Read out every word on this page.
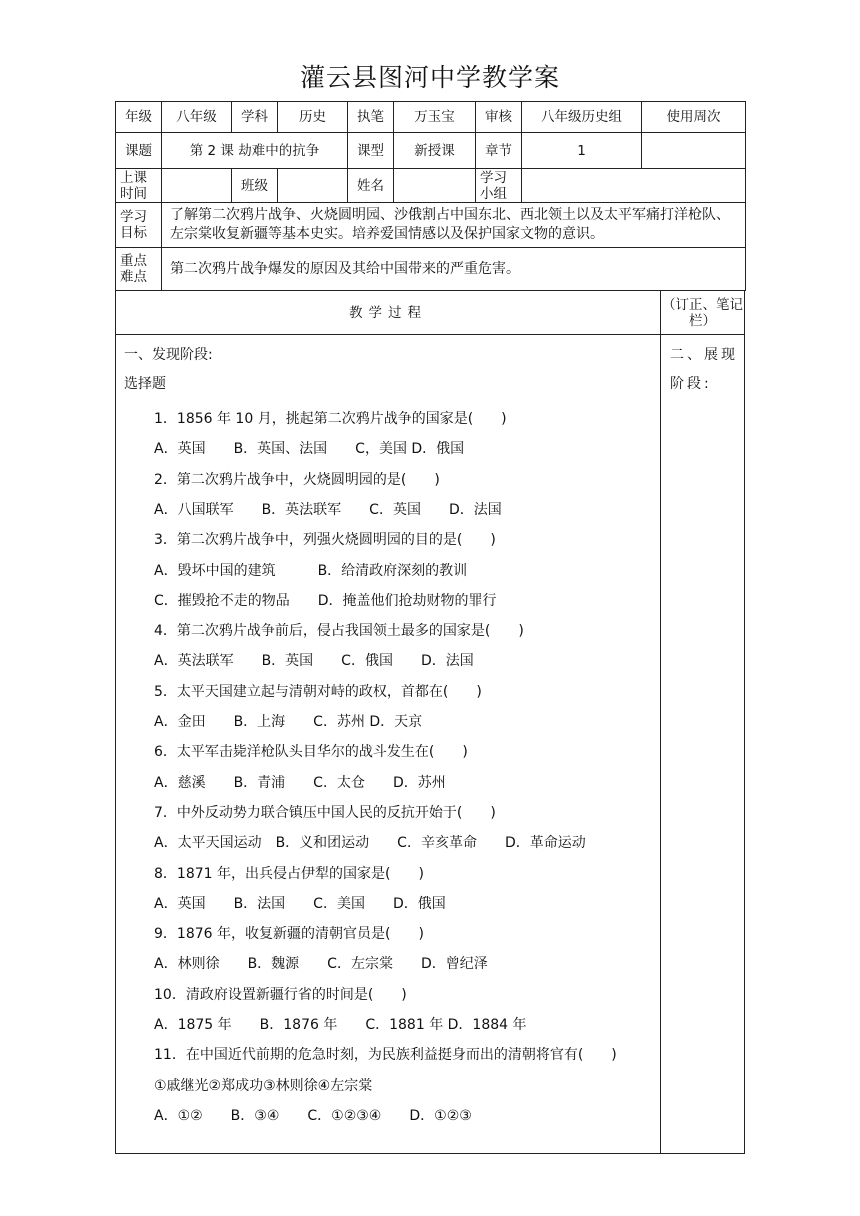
灌云县图河中学教学案
年级	八年级	学科	历史	执笔	万玉宝	审核	八年级历史组	使用周次
课题	第 2 课 劫难中的抗争			课型	新授课	章节	1	
上课时间		班级		姓名		学习小组		
学习目标	了解第二次鸦片战争、火烧圆明园、沙俄割占中国东北、西北领土以及太平军痛打洋枪队、左宗棠收复新疆等基本史实。培养爱国情感以及保护国家文物的意识。							
重点难点	第二次鸦片战争爆发的原因及其给中国带来的严重危害。							
教学过程	（订正、笔记栏）
一、发现阶段:
选择题
1．1856 年 10 月，挑起第二次鸦片战争的国家是(　　)
A．英国　　B．英国、法国　　C，美国 D．俄国
2．第二次鸦片战争中，火烧圆明园的是(　　)
A．八国联军　　B．英法联军　　C．英国　　D．法国
3．第二次鸦片战争中，列强火烧圆明园的目的是(　　)
A．毁坏中国的建筑　　　B．给清政府深刻的教训
C．摧毁抢不走的物品　　D．掩盖他们抢劫财物的罪行
4．第二次鸦片战争前后，侵占我国领土最多的国家是(　　)
A．英法联军　　B．英国　　C．俄国　　D．法国
5．太平天国建立起与清朝对峙的政权，首都在(　　)
A．金田　　B．上海　　C．苏州 D．天京
6．太平军击毙洋枪队头目华尔的战斗发生在(　　)
A．慈溪　　B．青浦　　C．太仓　　D．苏州
7．中外反动势力联合镇压中国人民的反抗开始于(　　)
A．太平天国运动　B．义和团运动　　C．辛亥革命　　D．革命运动
8．1871 年，出兵侵占伊犁的国家是(　　)
A．英国　　B．法国　　C．美国　　D．俄国
9．1876 年，收复新疆的清朝官员是(　　)
A．林则徐　　B．魏源　　C．左宗棠　　D．曾纪泽
10．清政府设置新疆行省的时间是(　　)
A．1875 年　　B．1876 年　　C．1881 年 D．1884 年
11．在中国近代前期的危急时刻，为民族利益挺身而出的清朝将官有(　　)
①戚继光②郑成功③林则徐④左宗棠
A．①②　　B．③④　　C．①②③④　　D．①②③
二、展现
阶段:
